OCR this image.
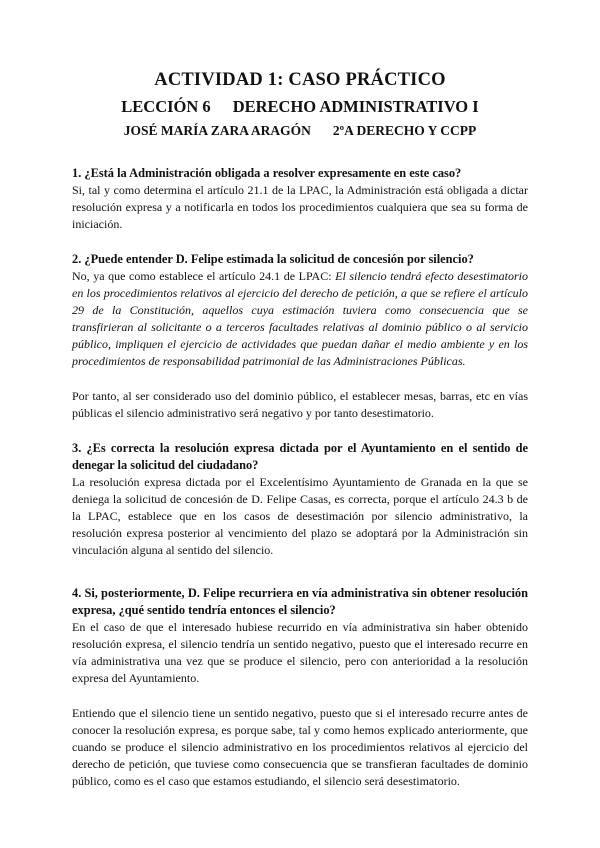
ACTIVIDAD 1: CASO PRÁCTICO
LECCIÓN 6 DERECHO ADMINISTRATIVO I
JOSÉ MARÍA ZARA ARAGÓN 2ºA DERECHO Y CCPP

1. ¿Está la Administración obligada a resolver expresamente en este caso?

Si, tal y como determina el artículo 21.1 de la LPAC, la Administración está obligada a dictar resolución expresa y a notificarla en todos los procedimientos cualquiera que sea su forma de iniciación.

2. ¿Puede entender D. Felipe estimada la solicitud de concesión por silencio?

No, ya que como establece el artículo 24.1 de LPAC: El silencio tendrá efecto desestimatorio en los procedimientos relativos al ejercicio del derecho de petición, a que se refiere el artículo 29 de la Constitución, aquellos cuya estimación tuviera como consecuencia que se transfirieran al solicitante o a terceros facultades relativas al dominio público o al servicio público, impliquen el ejercicio de actividades que puedan dañar el medio ambiente y en los procedimientos de responsabilidad patrimonial de las Administraciones Públicas.

Por tanto, al ser considerado uso del dominio público, el establecer mesas, barras, etc en vías públicas el silencio administrativo será negativo y por tanto desestimatorio.

3. ¿Es correcta la resolución expresa dictada por el Ayuntamiento en el sentido de denegar la solicitud del ciudadano?

La resolución expresa dictada por el Excelentísimo Ayuntamiento de Granada en la que se deniega la solicitud de concesión de D. Felipe Casas, es correcta, porque el artículo 24.3 b de la LPAC, establece que en los casos de desestimación por silencio administrativo, la resolución expresa posterior al vencimiento del plazo se adoptará por la Administración sin vinculación alguna al sentido del silencio.

4. Si, posteriormente, D. Felipe recurriera en vía administrativa sin obtener resolución expresa, ¿qué sentido tendría entonces el silencio?

En el caso de que el interesado hubiese recurrido en vía administrativa sin haber obtenido resolución expresa, el silencio tendría un sentido negativo, puesto que el interesado recurre en vía administrativa una vez que se produce el silencio, pero con anterioridad a la resolución expresa del Ayuntamiento.

Entiendo que el silencio tiene un sentido negativo, puesto que si el interesado recurre antes de conocer la resolución expresa, es porque sabe, tal y como hemos explicado anteriormente, que cuando se produce el silencio administrativo en los procedimientos relativos al ejercicio del derecho de petición, que tuviese como consecuencia que se transfieran facultades de dominio público, como es el caso que estamos estudiando, el silencio será desestimatorio.
